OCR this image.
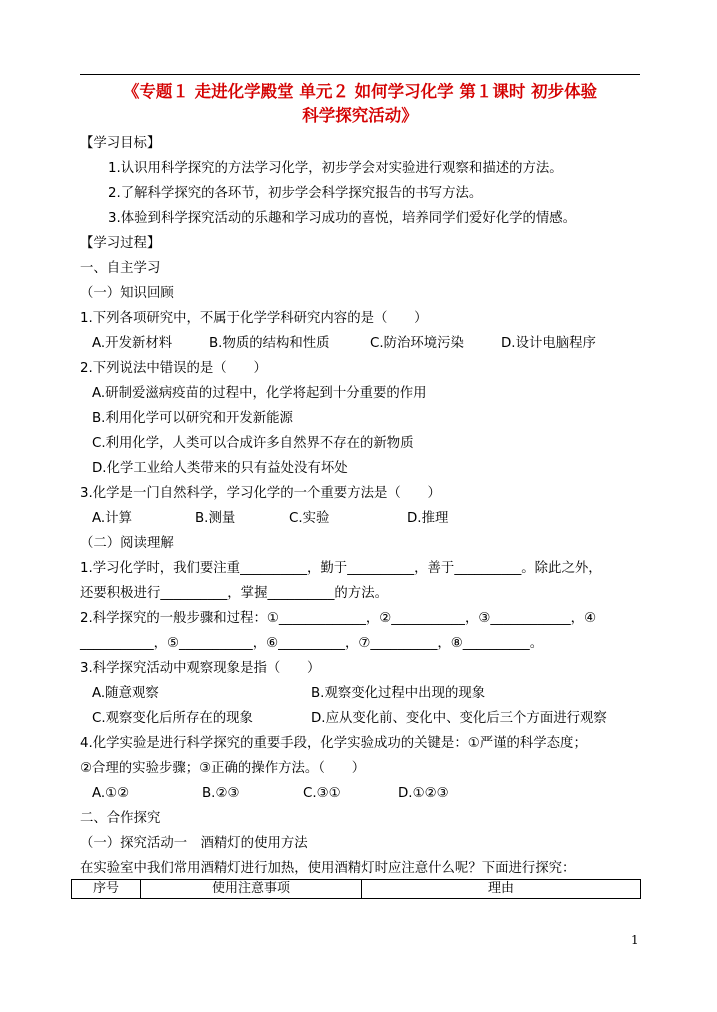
《专题１ 走进化学殿堂 单元２ 如何学习化学 第１课时 初步体验
科学探究活动》
【学习目标】
1.认识用科学探究的方法学习化学，初步学会对实验进行观察和描述的方法。
2.了解科学探究的各环节，初步学会科学探究报告的书写方法。
3.体验到科学探究活动的乐趣和学习成功的喜悦，培养同学们爱好化学的情感。
【学习过程】
一、自主学习
（一）知识回顾
1.下列各项研究中，不属于化学学科研究内容的是（　　）
A.开发新材料	B.物质的结构和性质	C.防治环境污染	D.设计电脑程序
2.下列说法中错误的是（　　）
A.研制爱滋病疫苗的过程中，化学将起到十分重要的作用
B.利用化学可以研究和开发新能源
C.利用化学，人类可以合成许多自然界不存在的新物质
D.化学工业给人类带来的只有益处没有坏处
3.化学是一门自然科学，学习化学的一个重要方法是（　　）
A.计算	B.测量	C.实验	D.推理
（二）阅读理解
1.学习化学时，我们要注重__________，勤于__________，善于__________。除此之外，
还要积极进行__________，掌握__________的方法。
2.科学探究的一般步骤和过程：①_____________，②___________，③____________，④
___________，⑤___________，⑥__________，⑦__________，⑧__________。
3.科学探究活动中观察现象是指（　　）
A.随意观察	B.观察变化过程中出现的现象
C.观察变化后所存在的现象	D.应从变化前、变化中、变化后三个方面进行观察
4.化学实验是进行科学探究的重要手段，化学实验成功的关键是：①严谨的科学态度；
②合理的实验步骤；③正确的操作方法。（　　）
A.①②	B.②③	C.③①	D.①②③
二、合作探究
（一）探究活动一　酒精灯的使用方法
在实验室中我们常用酒精灯进行加热，使用酒精灯时应注意什么呢？下面进行探究：
序号	使用注意事项	理由
1
